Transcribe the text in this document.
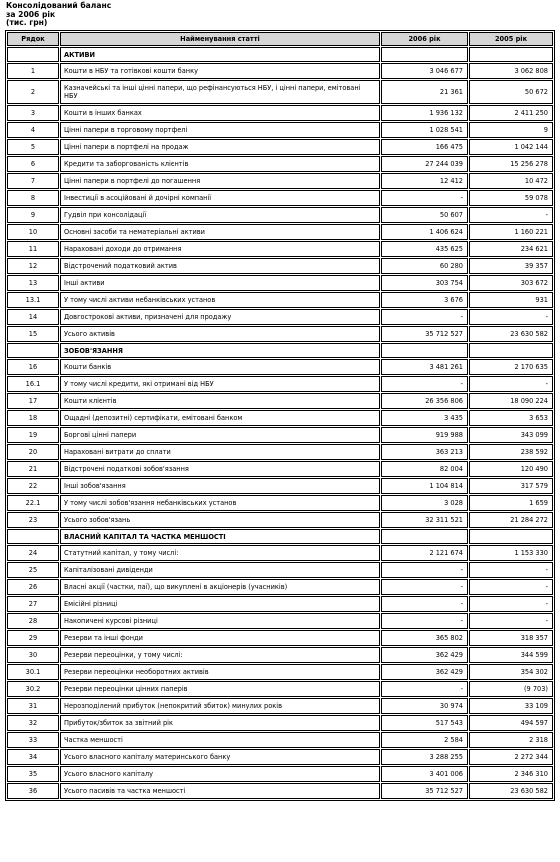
Консолідований баланс
за 2006 рік
(тис. грн)
Рядок	Найменування статті	2006 рік	2005 рік
	АКТИВИ		
1	Кошти в НБУ та готівкові кошти банку	3 046 677	3 062 808
2	Казначейські та інші цінні папери, що рефінансуються НБУ, і цінні папери, емітовані НБУ	21 361	50 672
3	Кошти в інших банках	1 936 132	2 411 250
4	Цінні папери в торговому портфелі	1 028 541	9
5	Цінні папери в портфелі на продаж	166 475	1 042 144
6	Кредити та заборгованість клієнтів	27 244 039	15 256 278
7	Цінні папери в портфелі до погашення	12 412	10 472
8	Інвестиції в асоційовані й дочірні компанії	-	59 078
9	Гудвіл при консолідації	50 607	-
10	Основні засоби та нематеріальні активи	1 406 624	1 160 221
11	Нараховані доходи до отримання	435 625	234 621
12	Відстрочений податковий актив	60 280	39 357
13	Інші активи	303 754	303 672
13.1	У тому числі активи небанківських установ	3 676	931
14	Довгострокові активи, призначені для продажу	-	-
15	Усього активів	35 712 527	23 630 582
	ЗОБОВ'ЯЗАННЯ		
16	Кошти банків	3 481 261	2 170 635
16.1	У тому числі кредити, які отримані від НБУ	-	-
17	Кошти клієнтів	26 356 806	18 090 224
18	Ощадні (депозитні) сертифікати, емітовані банком	3 435	3 653
19	Боргові цінні папери	919 988	343 099
20	Нараховані витрати до сплати	363 213	238 592
21	Відстрочені податкові зобов'язання	82 004	120 490
22	Інші зобов'язання	1 104 814	317 579
22.1	У тому числі зобов'язання небанківських установ	3 028	1 659
23	Усього зобов'язань	32 311 521	21 284 272
	ВЛАСНИЙ КАПІТАЛ ТА ЧАСТКА МЕНШОСТІ		
24	Статутний капітал, у тому числі:	2 121 674	1 153 330
25	Капіталізовані дивіденди	-	-
26	Власні акції (частки, паї), що викуплені в акціонерів (учасників)	-	-
27	Емісійні різниці	-	-
28	Накопичені курсові різниці	-	-
29	Резерви та інші фонди	365 802	318 357
30	Резерви переоцінки, у тому числі:	362 429	344 599
30.1	Резерви переоцінки необоротних активів	362 429	354 302
30.2	Резерви переоцінки цінних паперів	-	(9 703)
31	Нерозподілений прибуток (непокритий збиток) минулих років	30 974	33 109
32	Прибуток/збиток за звітний рік	517 543	494 597
33	Частка меншості	2 584	2 318
34	Усього власного капіталу материнського банку	3 288 255	2 272 344
35	Усього власного капіталу	3 401 006	2 346 310
36	Усього пасивів та частка меншості	35 712 527	23 630 582
